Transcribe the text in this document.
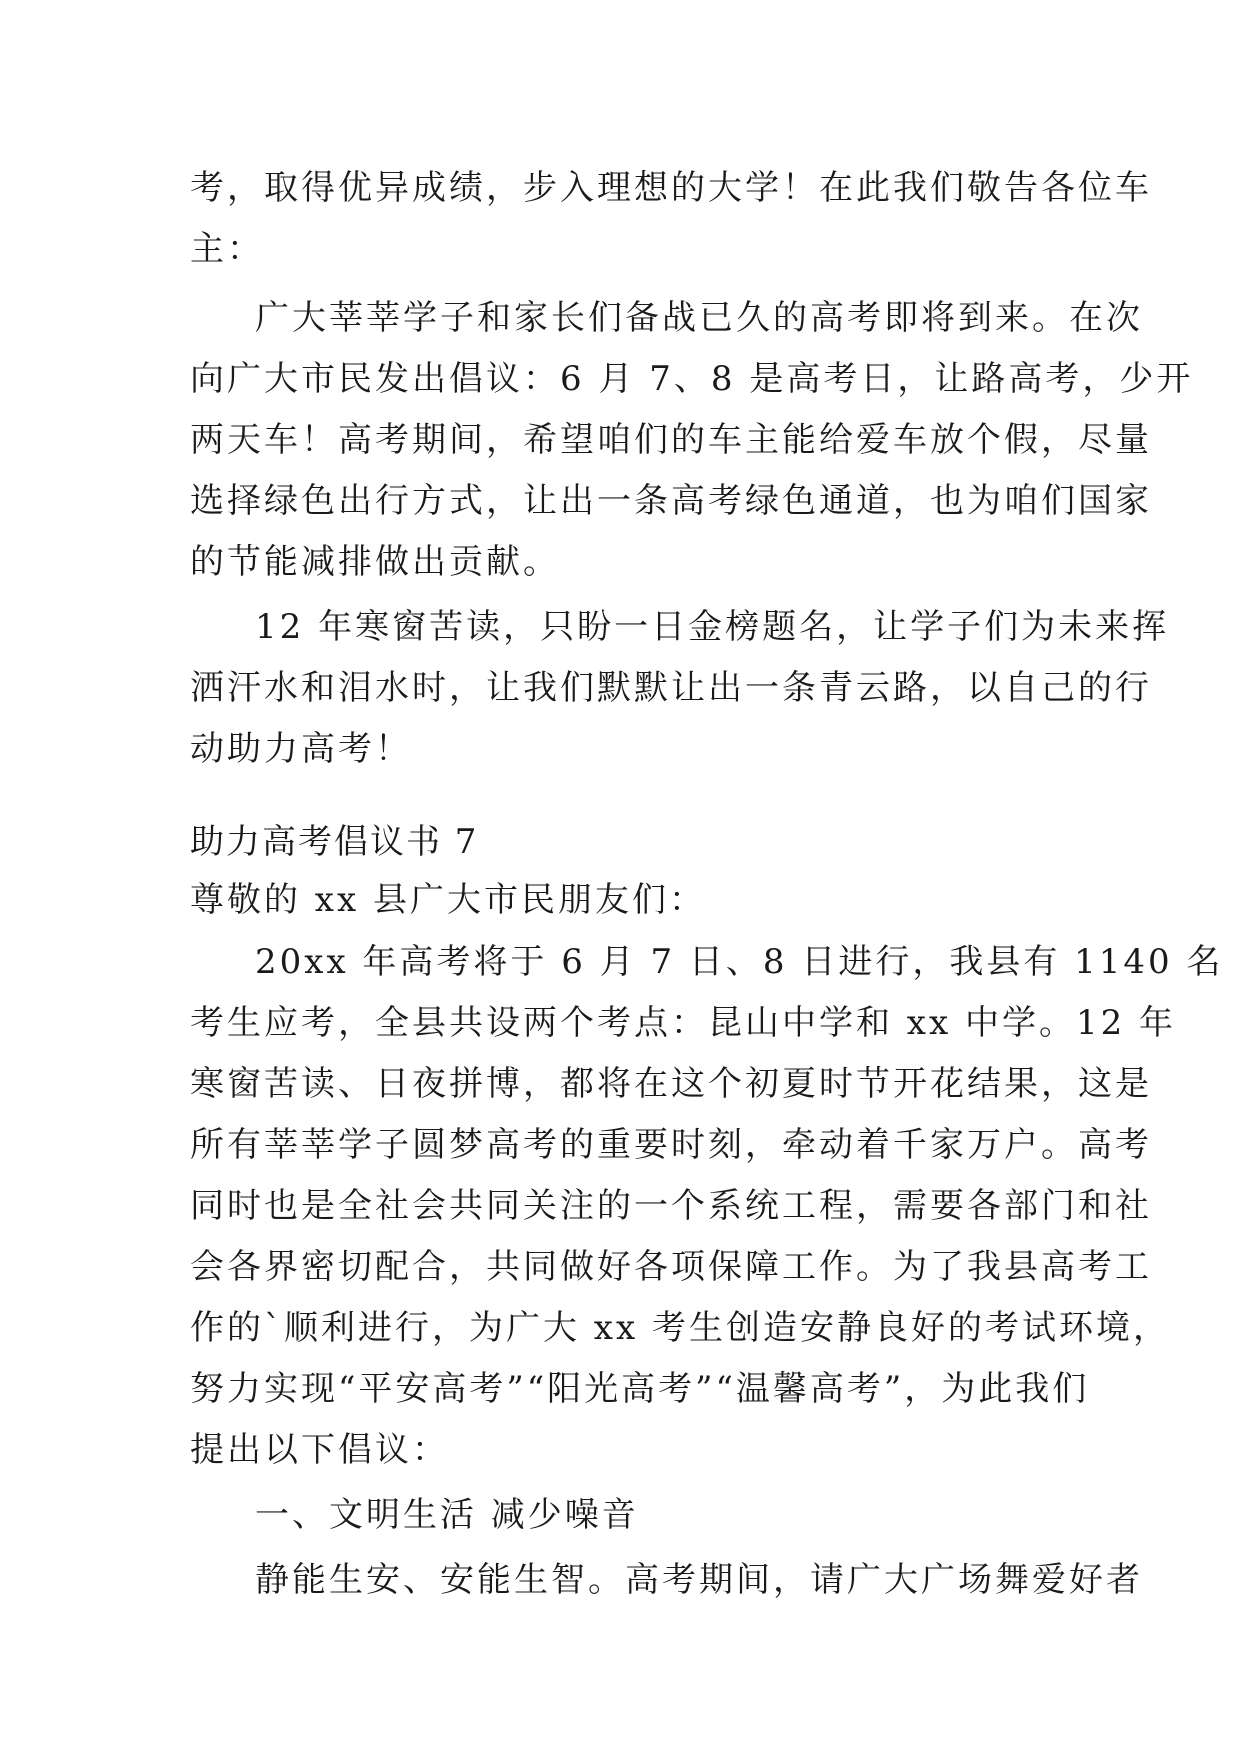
考，取得优异成绩，步入理想的大学！在此我们敬告各位车
主：
广大莘莘学子和家长们备战已久的高考即将到来。在次
向广大市民发出倡议：6 月 7、8 是高考日，让路高考，少开
两天车！高考期间，希望咱们的车主能给爱车放个假，尽量
选择绿色出行方式，让出一条高考绿色通道，也为咱们国家
的节能减排做出贡献。
12 年寒窗苦读，只盼一日金榜题名，让学子们为未来挥
洒汗水和泪水时，让我们默默让出一条青云路，以自己的行
动助力高考！
助力高考倡议书 7
尊敬的 xx 县广大市民朋友们：
20xx 年高考将于 6 月 7 日、8 日进行，我县有 1140 名
考生应考，全县共设两个考点：昆山中学和 xx 中学。12 年
寒窗苦读、日夜拼博，都将在这个初夏时节开花结果，这是
所有莘莘学子圆梦高考的重要时刻，牵动着千家万户。高考
同时也是全社会共同关注的一个系统工程，需要各部门和社
会各界密切配合，共同做好各项保障工作。为了我县高考工
作的`顺利进行，为广大 xx 考生创造安静良好的考试环境，
努力实现“平安高考”“阳光高考”“温馨高考”，为此我们
提出以下倡议：
一、文明生活 减少噪音
静能生安、安能生智。高考期间，请广大广场舞爱好者
